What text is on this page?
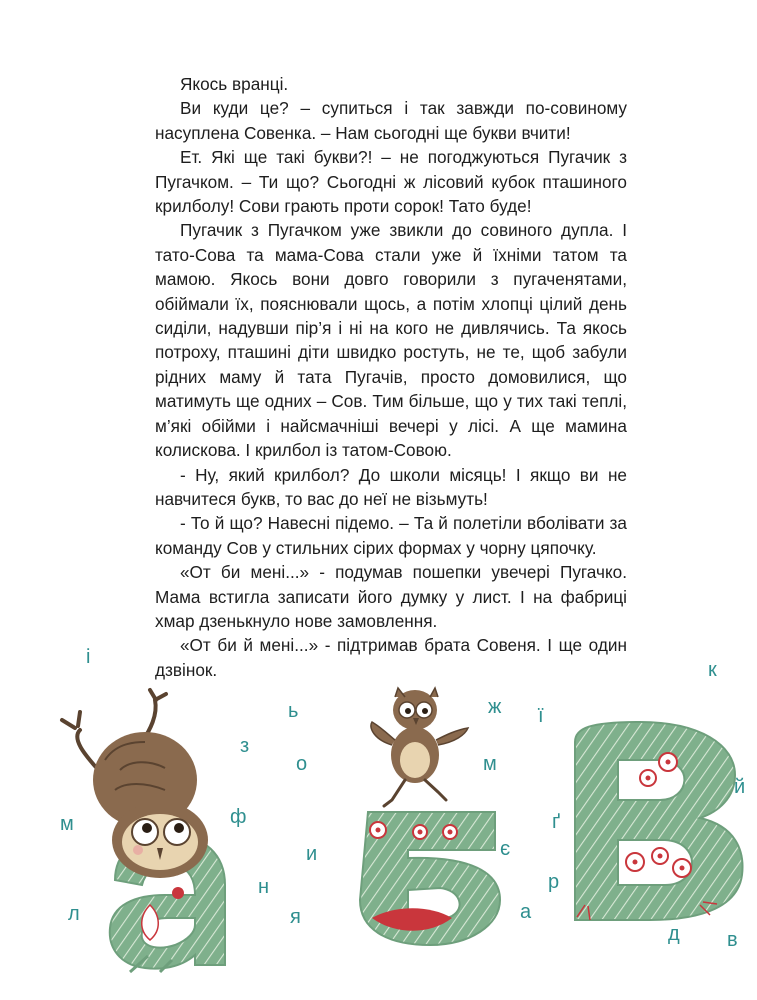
Якось вранці.

Ви куди це? – супиться і так завжди по-совиному насуплена Совенка. – Нам сьогодні ще букви вчити!

Ет. Які ще такі букви?! – не погоджуються Пугачик з Пугачком. – Ти що? Сьогодні ж лісовий кубок пташиного крилболу! Сови грають проти сорок! Тато буде!

Пугачик з Пугачком уже звикли до совиного дупла. І тато-Сова та мама-Сова стали уже й їхніми татом та мамою. Якось вони довго говорили з пугаченятами, обіймали їх, пояснювали щось, а потім хлопці цілий день сиділи, надувши пір’я і ні на кого не дивлячись. Та якось потроху, пташині діти швидко ростуть, не те, щоб забули рідних маму й тата Пугачів, просто домовилися, що матимуть ще одних – Сов. Тим більше, що у тих такі теплі, м’які обійми і найсмачніші вечері у лісі. А ще мамина колискова. І крилбол із татом-Совою.

- Ну, який крилбол? До школи місяць! І якщо ви не навчитеся букв, то вас до неї не візьмуть!

- То й що? Навесні підемо. – Та й полетіли вболівати за команду Сов у стильних сірих формах у чорну цяпочку.

«От би мені...» - подумав пошепки увечері Пугачко. Мама встигла записати його думку у лист. І на фабриці хмар дзенькнуло нове замовлення.

«От би й мені...» - підтримав брата Совеня. І ще один дзвінок.

і
к
ь	ж ї
з
о	м
й
м	ф
и	є
ґ
н
л	я
р
а
д в
